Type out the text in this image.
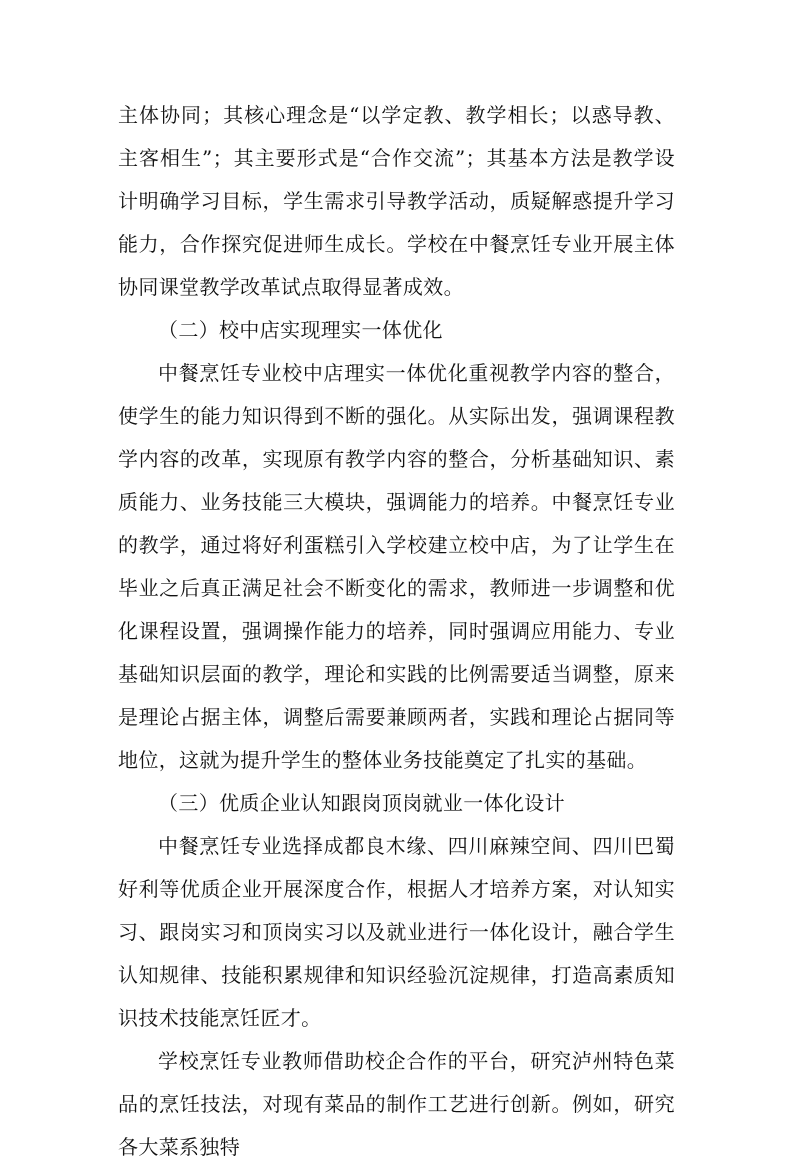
主体协同；其核心理念是“以学定教、教学相长；以惑导教、主客相生”；其主要形式是“合作交流”；其基本方法是教学设计明确学习目标，学生需求引导教学活动，质疑解惑提升学习能力，合作探究促进师生成长。学校在中餐烹饪专业开展主体协同课堂教学改革试点取得显著成效。

（二）校中店实现理实一体优化

中餐烹饪专业校中店理实一体优化重视教学内容的整合，使学生的能力知识得到不断的强化。从实际出发，强调课程教学内容的改革，实现原有教学内容的整合，分析基础知识、素质能力、业务技能三大模块，强调能力的培养。中餐烹饪专业的教学，通过将好利蛋糕引入学校建立校中店，为了让学生在毕业之后真正满足社会不断变化的需求，教师进一步调整和优化课程设置，强调操作能力的培养，同时强调应用能力、专业基础知识层面的教学，理论和实践的比例需要适当调整，原来是理论占据主体，调整后需要兼顾两者，实践和理论占据同等地位，这就为提升学生的整体业务技能奠定了扎实的基础。

（三）优质企业认知跟岗顶岗就业一体化设计

中餐烹饪专业选择成都良木缘、四川麻辣空间、四川巴蜀好利等优质企业开展深度合作，根据人才培养方案，对认知实习、跟岗实习和顶岗实习以及就业进行一体化设计，融合学生认知规律、技能积累规律和知识经验沉淀规律，打造高素质知识技术技能烹饪匠才。

学校烹饪专业教师借助校企合作的平台，研究泸州特色菜品的烹饪技法，对现有菜品的制作工艺进行创新。例如，研究各大菜系独特
